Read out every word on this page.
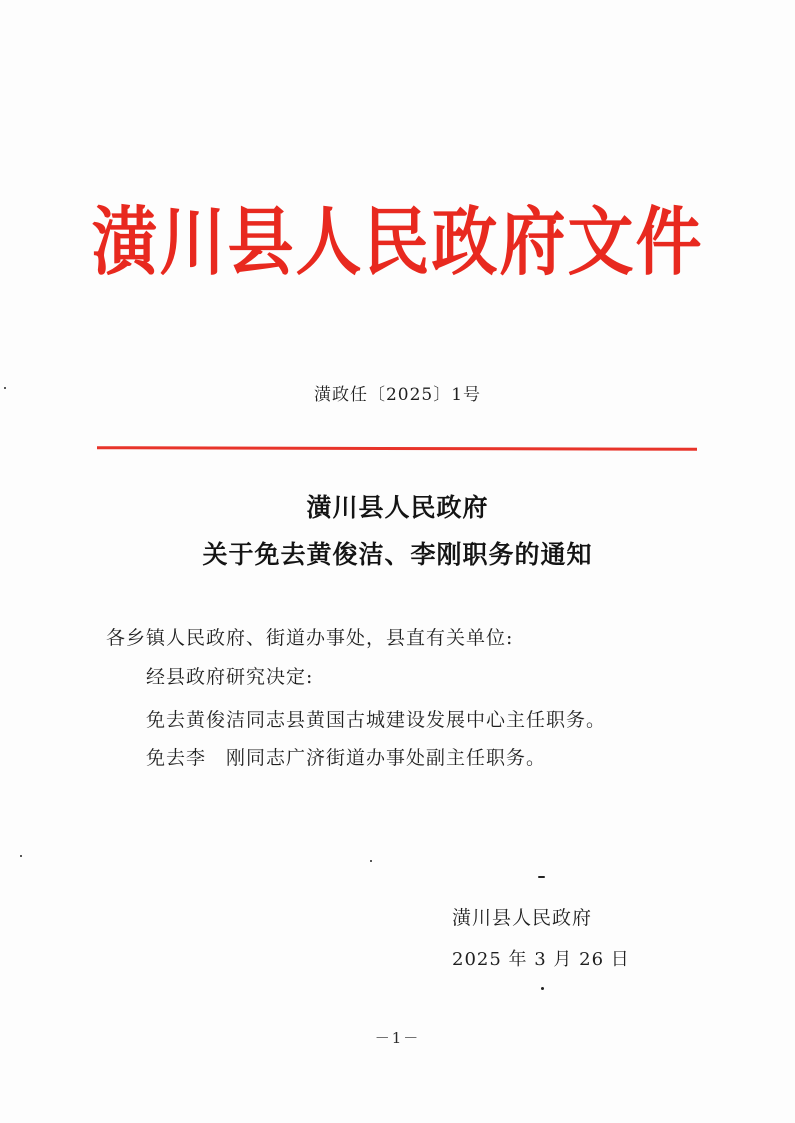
潢川县人民政府文件
潢政任〔2025〕1号
潢川县人民政府
关于免去黄俊洁、李刚职务的通知
各乡镇人民政府、街道办事处，县直有关单位:
经县政府研究决定:
免去黄俊洁同志县黄国古城建设发展中心主任职务。
免去李　刚同志广济街道办事处副主任职务。
潢川县人民政府
2025 年 3 月 26 日
－1－
